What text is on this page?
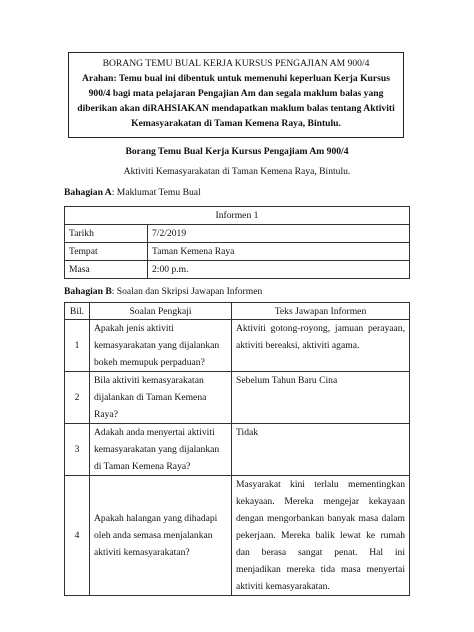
BORANG TEMU BUAL KERJA KURSUS PENGAJIAN AM 900/4
Arahan: Temu bual ini dibentuk untuk memenuhi keperluan Kerja Kursus 900/4 bagi mata pelajaran Pengajian Am dan segala maklum balas yang diberikan akan diRAHSIAKAN mendapatkan maklum balas tentang Aktiviti Kemasyarakatan di Taman Kemena Raya, Bintulu.
Borang Temu Bual Kerja Kursus Pengajiam Am 900/4
Aktiviti Kemasyarakatan di Taman Kemena Raya, Bintulu.
Bahagian A: Maklumat Temu Bual
Informen 1	
Tarikh	7/2/2019
Tempat	Taman Kemena Raya
Masa	2:00 p.m.
Bahagian B: Soalan dan Skripsi Jawapan Informen
Bil.	Soalan Pengkaji	Teks Jawapan Informen
1	Apakah jenis aktiviti kemasyarakatan yang dijalankan bokeh memupuk perpaduan?	Aktiviti gotong-royong, jamuan perayaan, aktiviti bereaksi, aktiviti agama.
2	Bila aktiviti kemasyarakatan dijalankan di Taman Kemena Raya?	Sebelum Tahun Baru Cina
3	Adakah anda menyertai aktiviti kemasyarakatan yang dijalankan di Taman Kemena Raya?	Tidak
4	Apakah halangan yang dihadapi oleh anda semasa menjalankan aktiviti kemasyarakatan?	Masyarakat kini terlalu mementingkan kekayaan. Mereka mengejar kekayaan dengan mengorbankan banyak masa dalam pekerjaan. Mereka balik lewat ke rumah dan berasa sangat penat. Hal ini menjadikan mereka tida masa menyertai aktiviti kemasyarakatan.
